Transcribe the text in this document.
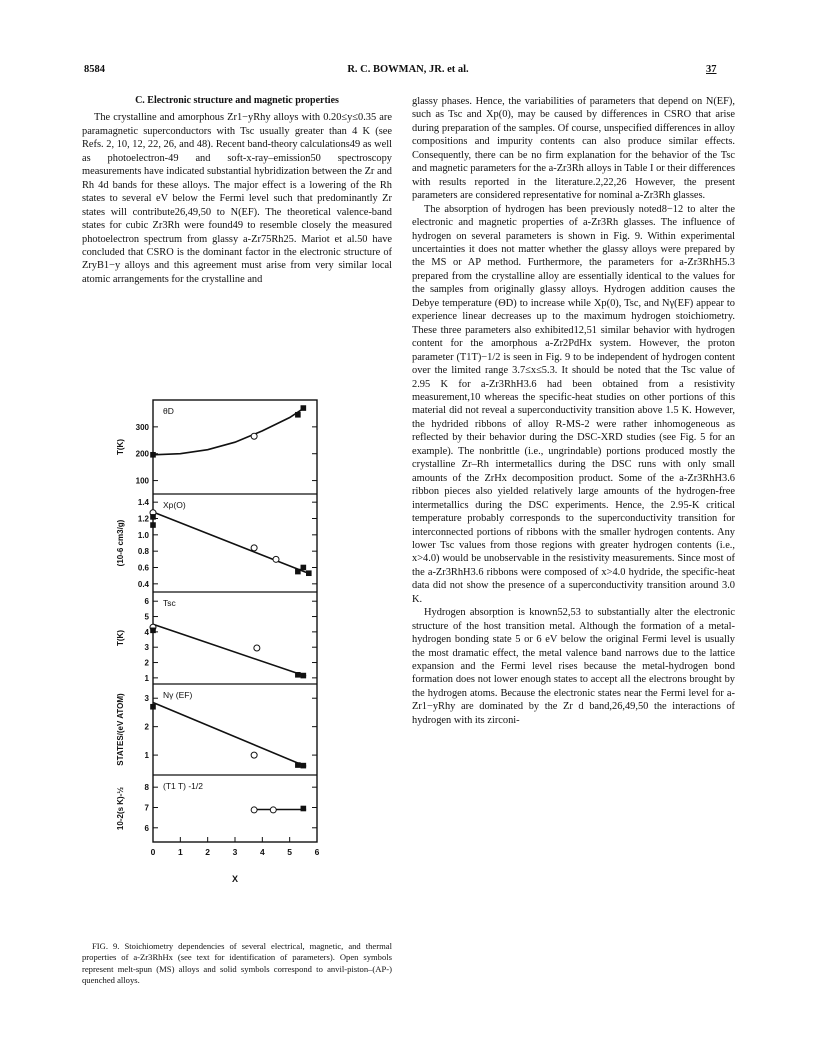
8584	R. C. BOWMAN, JR. et al.	37
C. Electronic structure and magnetic properties

The crystalline and amorphous Zr1−yRhy alloys with 0.20≤y≤0.35 are paramagnetic superconductors with Tsc usually greater than 4 K (see Refs. 2, 10, 12, 22, 26, and 48). Recent band-theory calculations49 as well as photoelectron-49 and soft-x-ray–emission50 spectroscopy measurements have indicated substantial hybridization between the Zr and Rh 4d bands for these alloys. The major effect is a lowering of the Rh states to several eV below the Fermi level such that predominantly Zr states will contribute26,49,50 to N(EF). The theoretical valence-band states for cubic Zr3Rh were found49 to resemble closely the measured photoelectron spectrum from glassy a-Zr75Rh25. Mariot et al.50 have concluded that CSRO is the dominant factor in the electronic structure of ZryB1−y alloys and this agreement must arise from very similar local atomic arrangements for the crystalline and

100
200
300
θD
T(K)
0.4
0.6
0.8
1.0
1.2
1.4 Xp(O)
(10-6 cm3/g)
1
2
3
4
5
6 Tsc
T(K)
1
2
3 Nγ (EF)
STATES/(eV ATOM)
6
7
8 (T1 T) -1/2
10-2(s K)-½
0	1	2	3	4	5	6
X
FIG. 9. Stoichiometry dependencies of several electrical, magnetic, and thermal properties of a-Zr3RhHx (see text for identification of parameters). Open symbols represent melt-spun (MS) alloys and solid symbols correspond to anvil-piston–(AP-) quenched alloys.

glassy phases. Hence, the variabilities of parameters that depend on N(EF), such as Tsc and Xp(0), may be caused by differences in CSRO that arise during preparation of the samples. Of course, unspecified differences in alloy compositions and impurity contents can also produce similar effects. Consequently, there can be no firm explanation for the behavior of the Tsc and magnetic parameters for the a-Zr3Rh alloys in Table I or their differences with results reported in the literature.2,22,26 However, the present parameters are considered representative for nominal a-Zr3Rh glasses.

The absorption of hydrogen has been previously noted8−12 to alter the electronic and magnetic properties of a-Zr3Rh glasses. The influence of hydrogen on several parameters is shown in Fig. 9. Within experimental uncertainties it does not matter whether the glassy alloys were prepared by the MS or AP method. Furthermore, the parameters for a-Zr3RhH5.3 prepared from the crystalline alloy are essentially identical to the values for the samples from originally glassy alloys. Hydrogen addition causes the Debye temperature (ΘD) to increase while Xp(0), Tsc, and Nγ(EF) appear to experience linear decreases up to the maximum hydrogen stoichiometry. These three parameters also exhibited12,51 similar behavior with hydrogen content for the amorphous a-Zr2PdHx system. However, the proton parameter (T1T)−1/2 is seen in Fig. 9 to be independent of hydrogen content over the limited range 3.7≤x≤5.3. It should be noted that the Tsc value of 2.95 K for a-Zr3RhH3.6 had been obtained from a resistivity measurement,10 whereas the specific-heat studies on other portions of this material did not reveal a superconductivity transition above 1.5 K. However, the hydrided ribbons of alloy R-MS-2 were rather inhomogeneous as reflected by their behavior during the DSC-XRD studies (see Fig. 5 for an example). The nonbrittle (i.e., ungrindable) portions produced mostly the crystalline Zr–Rh intermetallics during the DSC runs with only small amounts of the ZrHx decomposition product. Some of the a-Zr3RhH3.6 ribbon pieces also yielded relatively large amounts of the hydrogen-free intermetallics during the DSC experiments. Hence, the 2.95-K critical temperature probably corresponds to the superconductivity transition for interconnected portions of ribbons with the smaller hydrogen contents. Any lower Tsc values from those regions with greater hydrogen contents (i.e., x>4.0) would be unobservable in the resistivity measurements. Since most of the a-Zr3RhH3.6 ribbons were composed of x>4.0 hydride, the specific-heat data did not show the presence of a superconductivity transition around 3.0 K.

Hydrogen absorption is known52,53 to substantially alter the electronic structure of the host transition metal. Although the formation of a metal-hydrogen bonding state 5 or 6 eV below the original Fermi level is usually the most dramatic effect, the metal valence band narrows due to the lattice expansion and the Fermi level rises because the metal-hydrogen bond formation does not lower enough states to accept all the electrons brought by the hydrogen atoms. Because the electronic states near the Fermi level for a-Zr1−yRhy are dominated by the Zr d band,26,49,50 the interactions of hydrogen with its zirconi-
